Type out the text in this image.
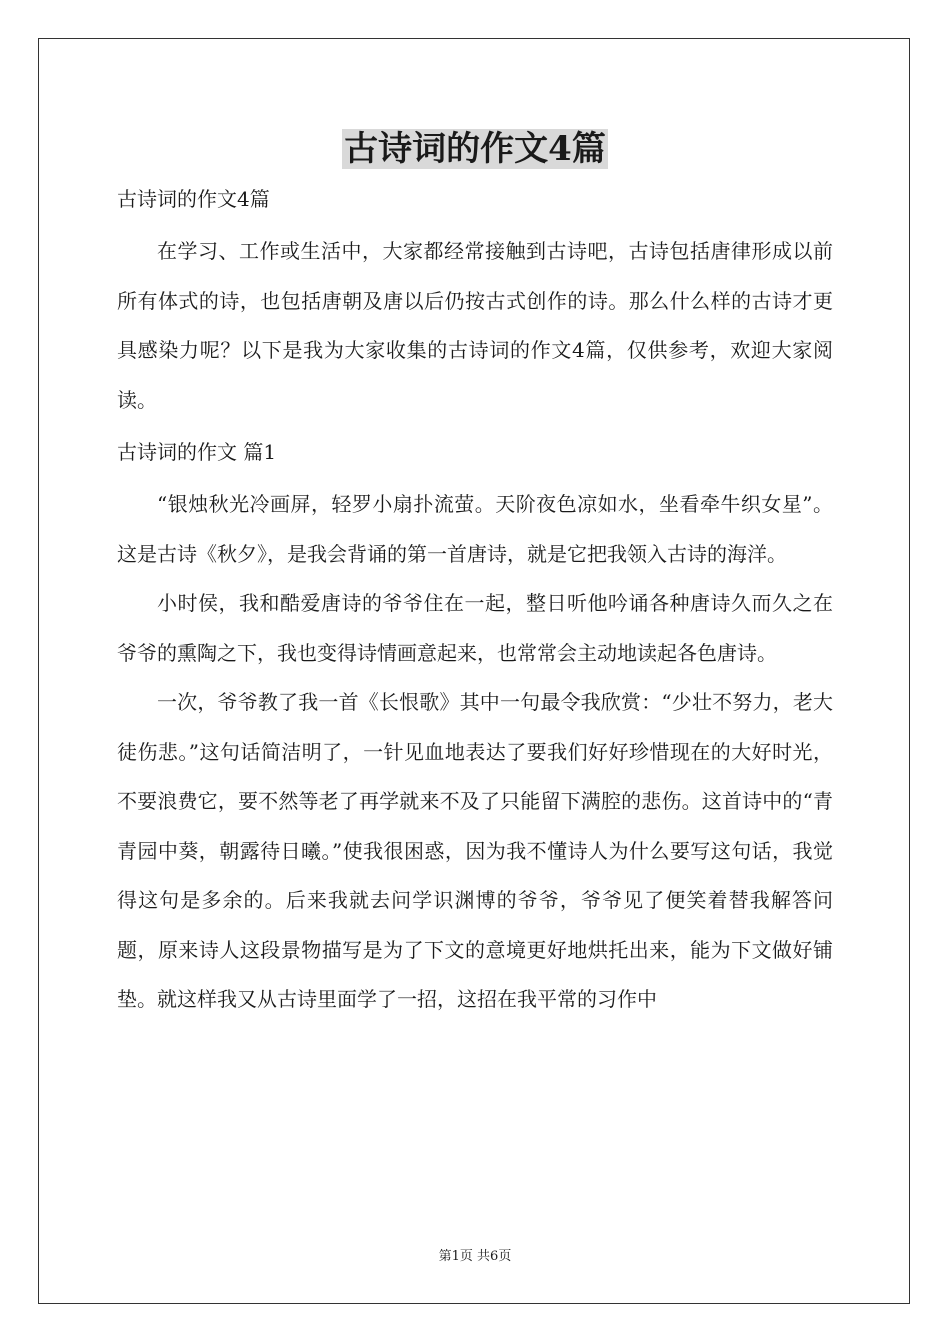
古诗词的作文4篇

古诗词的作文4篇

在学习、工作或生活中，大家都经常接触到古诗吧，古诗包括唐律形成以前所有体式的诗，也包括唐朝及唐以后仍按古式创作的诗。那么什么样的古诗才更具感染力呢？以下是我为大家收集的古诗词的作文4篇，仅供参考，欢迎大家阅读。

古诗词的作文 篇1

“银烛秋光冷画屏，轻罗小扇扑流萤。天阶夜色凉如水，坐看牵牛织女星”。这是古诗《秋夕》，是我会背诵的第一首唐诗，就是它把我领入古诗的海洋。

小时侯，我和酷爱唐诗的爷爷住在一起，整日听他吟诵各种唐诗久而久之在爷爷的熏陶之下，我也变得诗情画意起来，也常常会主动地读起各色唐诗。

一次，爷爷教了我一首《长恨歌》其中一句最令我欣赏：“少壮不努力，老大徒伤悲。”这句话简洁明了，一针见血地表达了要我们好好珍惜现在的大好时光，不要浪费它，要不然等老了再学就来不及了只能留下满腔的悲伤。这首诗中的“青青园中葵，朝露待日曦。”使我很困惑，因为我不懂诗人为什么要写这句话，我觉得这句是多余的。后来我就去问学识渊博的爷爷，爷爷见了便笑着替我解答问题，原来诗人这段景物描写是为了下文的意境更好地烘托出来，能为下文做好铺垫。就这样我又从古诗里面学了一招，这招在我平常的习作中

第1页 共6页
